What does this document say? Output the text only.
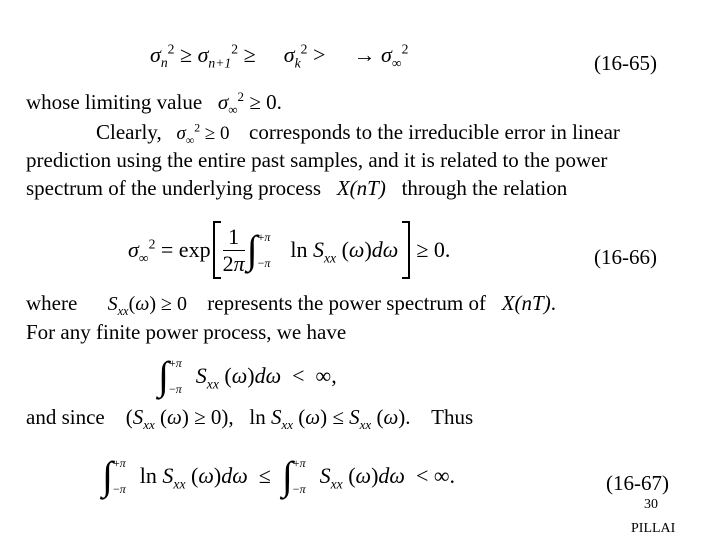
$\sigma_n^2 \ge \sigma_{n+1}^2$ ≥⃞  $\sigma_k^2$ >⃞  → $\sigma_\infty^2$
(16-65)
whose limiting value $\sigma_\infty^2 \ge 0$.
Clearly, $\sigma_\infty^2 \ge 0$    corresponds to the irreducible error in linear
prediction using the entire past samples, and it is related to the power
spectrum of the underlying process   X(nT)   through the relation
$\sigma_\infty^2 = \exp \frac{1}{2\pi}$ ∫ +π
−π
$\ln S_{xx}$ (ω)dω ≥ 0.	(16-66)
where $S_{xx}(\omega) \ge 0$    represents the power spectrum of   X(nT).
For any finite power process, we have
∫ +π
−π
$S_{xx}$ (ω)dω  <  ∞,
and since    ($S_{xx}$ (ω) ≥ 0),   $\ln S_{xx}$ $(\omega) \le S_{xx}$ (ω).    Thus
∫ +π
−π
$\ln S_{xx}$ (ω)dω  ≤ ∫ +π
−π
$S_{xx}$ (ω)dω  < ∞.	(16-67)
30
PILLAI
